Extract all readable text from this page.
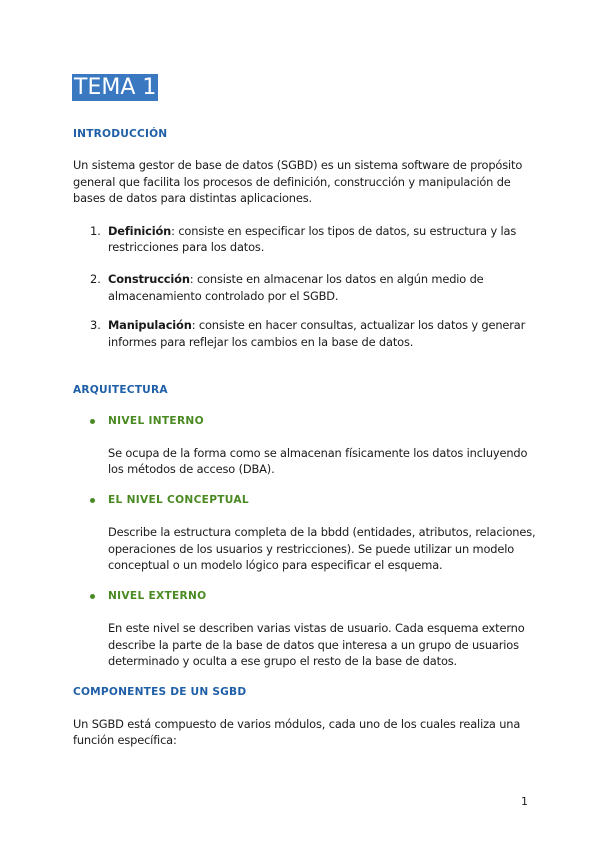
TEMA 1
INTRODUCCIÓN
Un sistema gestor de base de datos (SGBD) es un sistema software de propósito
general que facilita los procesos de definición, construcción y manipulación de
bases de datos para distintas aplicaciones.
1. Definición: consiste en especificar los tipos de datos, su estructura y las
restricciones para los datos.
2. Construcción: consiste en almacenar los datos en algún medio de
almacenamiento controlado por el SGBD.
3. Manipulación: consiste en hacer consultas, actualizar los datos y generar
informes para reflejar los cambios en la base de datos.
ARQUITECTURA
NIVEL INTERNO
Se ocupa de la forma como se almacenan físicamente los datos incluyendo
los métodos de acceso (DBA).
EL NIVEL CONCEPTUAL
Describe la estructura completa de la bbdd (entidades, atributos, relaciones,
operaciones de los usuarios y restricciones). Se puede utilizar un modelo
conceptual o un modelo lógico para especificar el esquema.
NIVEL EXTERNO
En este nivel se describen varias vistas de usuario. Cada esquema externo
describe la parte de la base de datos que interesa a un grupo de usuarios
determinado y oculta a ese grupo el resto de la base de datos.
COMPONENTES DE UN SGBD
Un SGBD está compuesto de varios módulos, cada uno de los cuales realiza una
función específica:
1
